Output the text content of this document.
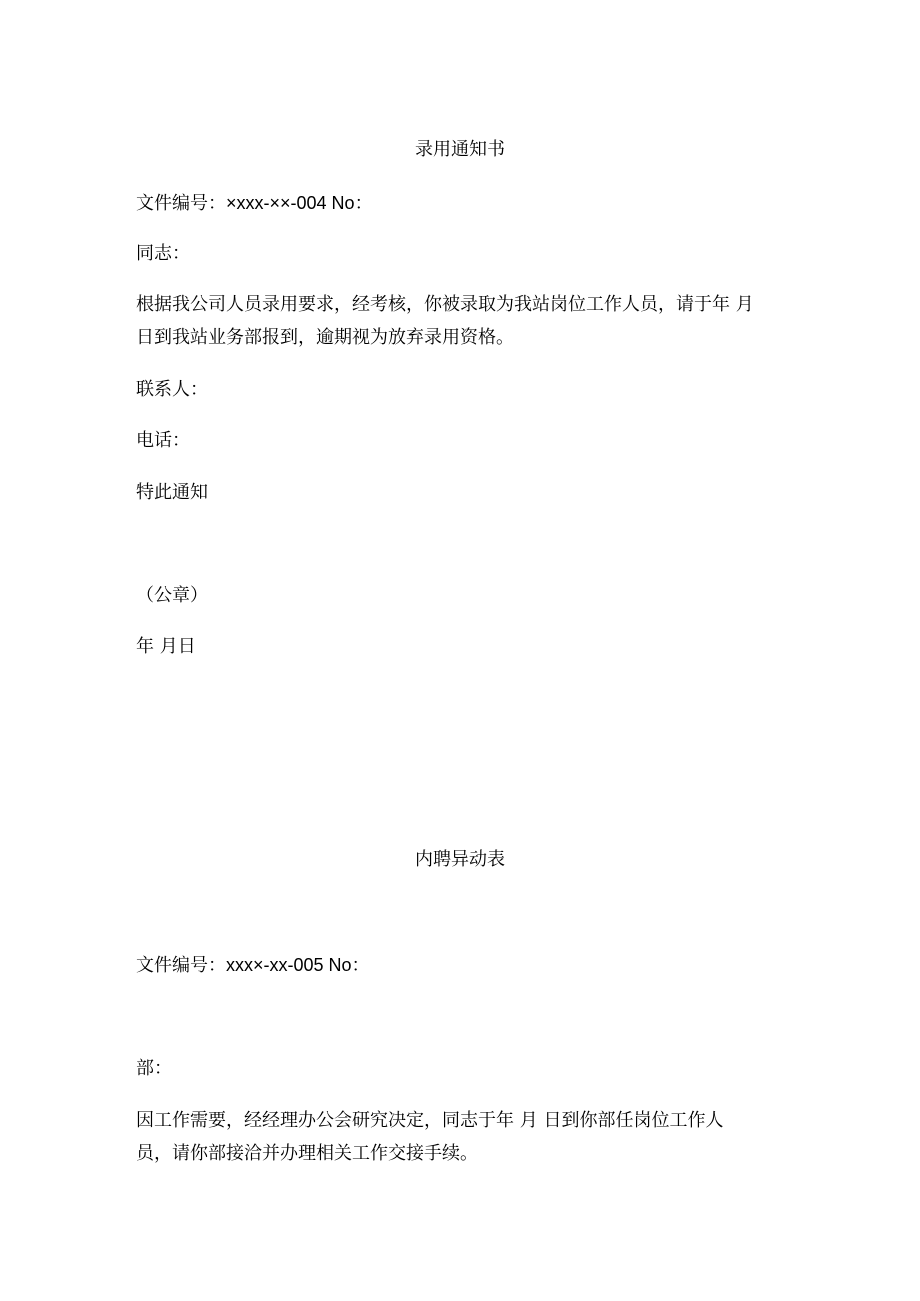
录用通知书
文件编号：×xxx-××-004 No：
同志：
根据我公司人员录用要求，经考核，你被录取为我站岗位工作人员，请于年 月
日到我站业务部报到，逾期视为放弃录用资格。
联系人：
电话：
特此通知
（公章）
年 月日
内聘异动表
文件编号：xxx×-xx-005 No：
部：
因工作需要，经经理办公会研究决定，同志于年 月 日到你部任岗位工作人
员，请你部接洽并办理相关工作交接手续。
